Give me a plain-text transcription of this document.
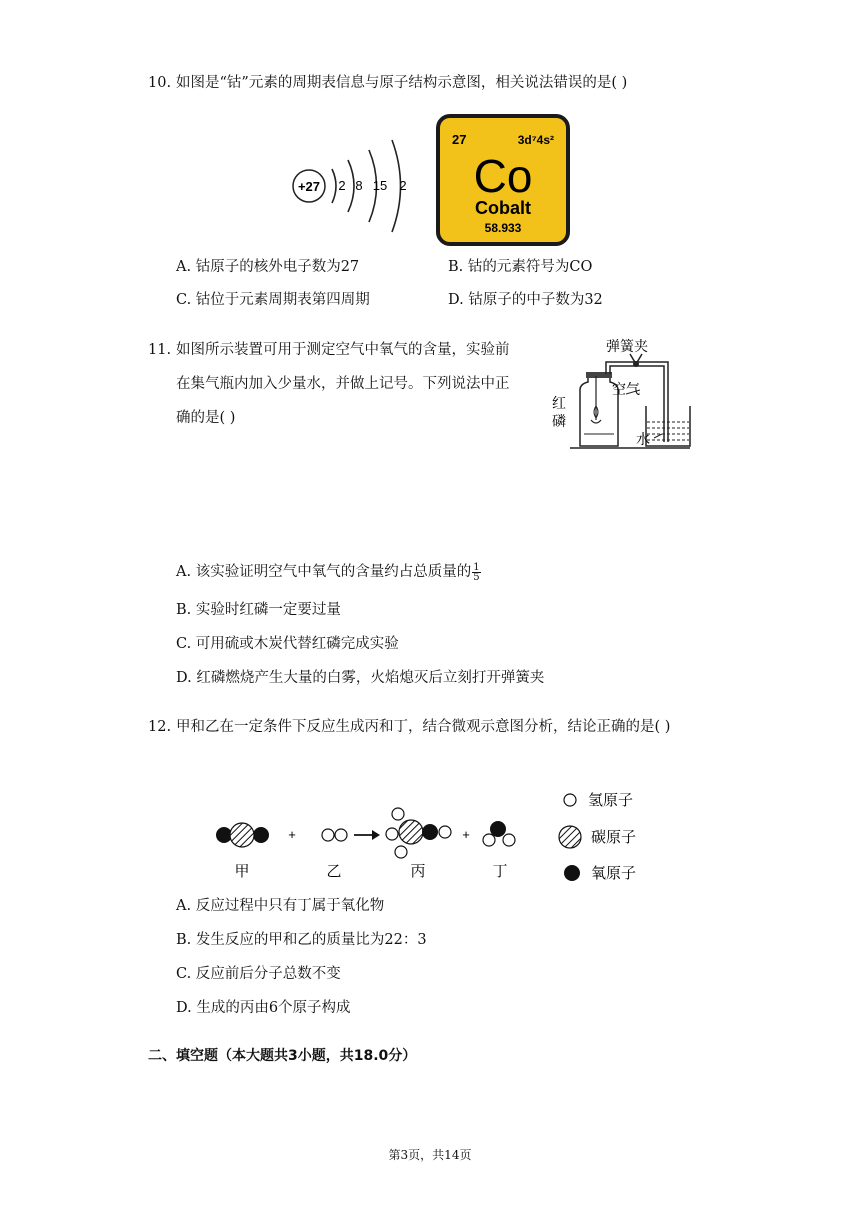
10. 如图是“钴”元素的周期表信息与原子结构示意图，相关说法错误的是( )
+27 2 8 15 2
27	3d⁷4s²
Co
Cobalt
58.933
A. 钴原子的核外电子数为27	B. 钴的元素符号为CO
C. 钴位于元素周期表第四周期	D. 钴原子的中子数为32
11. 如图所示装置可用于测定空气中氧气的含量，实验前
在集气瓶内加入少量水，并做上记号。下列说法中正
确的是( )
弹簧夹
空气
红
磷
水
A. 该实验证明空气中氧气的含量约占总质量的 $\frac{1}{5}$
B. 实验时红磷一定要过量
C. 可用硫或木炭代替红磷完成实验
D. 红磷燃烧产生大量的白雾，火焰熄灭后立刻打开弹簧夹
12. 甲和乙在一定条件下反应生成丙和丁，结合微观示意图分析，结论正确的是( )
+	+
甲	乙	丙	丁
氢原子
碳原子
氧原子
A. 反应过程中只有丁属于氧化物
B. 发生反应的甲和乙的质量比为22：3
C. 反应前后分子总数不变
D. 生成的丙由6个原子构成
二、填空题（本大题共3小题，共18.0分）
第3页，共14页
